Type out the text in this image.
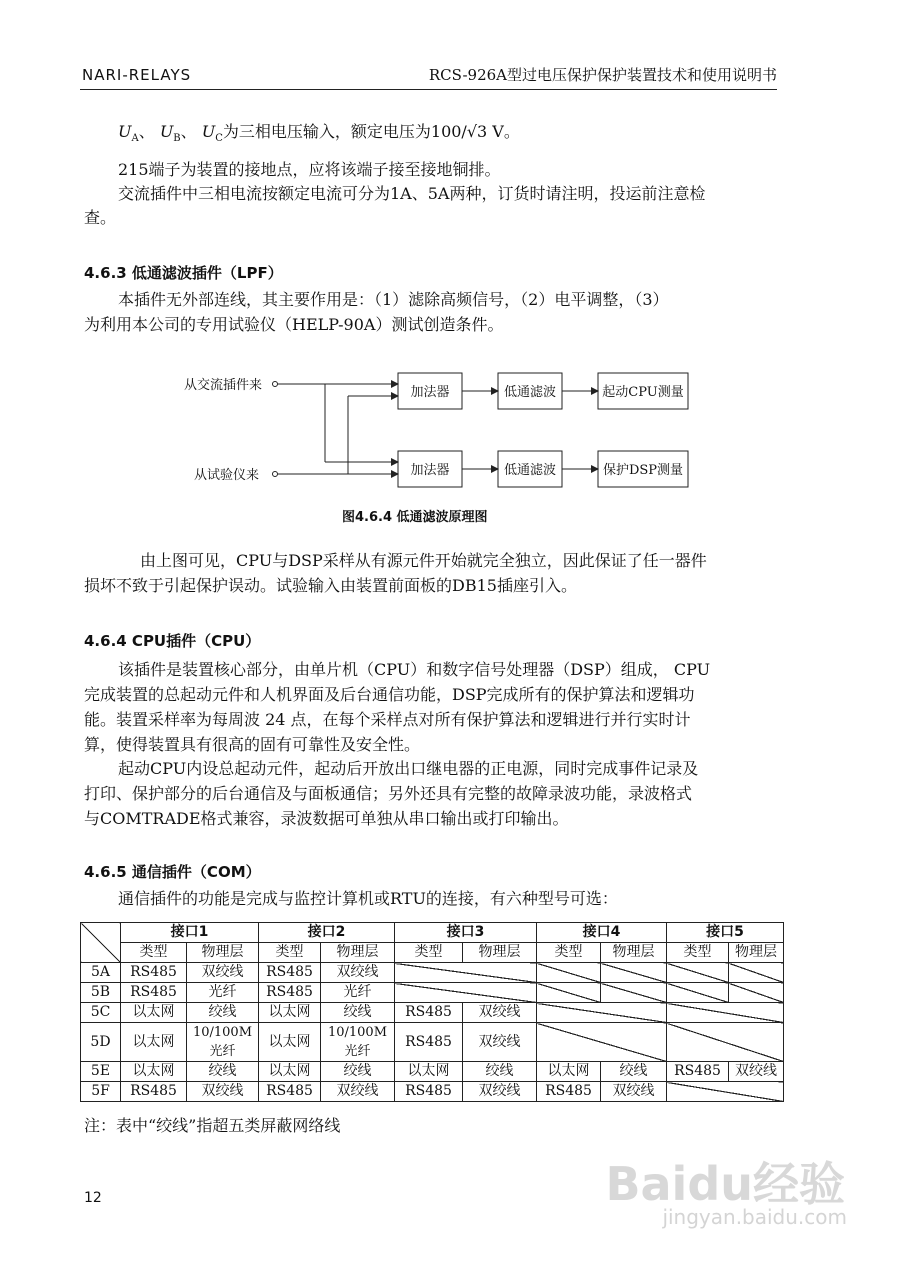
NARI-RELAYS	RCS-926A型过电压保护保护装置技术和使用说明书
$U_A$、 $U_B$、 $U_C$为三相电压输入，额定电压为100/√3 V。
215端子为装置的接地点，应将该端子接至接地铜排。
交流插件中三相电流按额定电流可分为1A、5A两种，订货时请注明，投运前注意检
查。
4.6.3 低通滤波插件（LPF）
本插件无外部连线，其主要作用是：（1）滤除高频信号，（2）电平调整，（3）
为利用本公司的专用试验仪（HELP-90A）测试创造条件。
从交流插件来
从试验仪来
加法器	低通滤波	起动CPU测量
加法器	低通滤波	保护DSP测量
图4.6.4 低通滤波原理图
由上图可见，CPU与DSP采样从有源元件开始就完全独立，因此保证了任一器件
损坏不致于引起保护误动。试验输入由装置前面板的DB15插座引入。
4.6.4 CPU插件（CPU）
该插件是装置核心部分，由单片机（CPU）和数字信号处理器（DSP）组成， CPU
完成装置的总起动元件和人机界面及后台通信功能，DSP完成所有的保护算法和逻辑功
能。装置采样率为每周波 24 点，在每个采样点对所有保护算法和逻辑进行并行实时计
算，使得装置具有很高的固有可靠性及安全性。
起动CPU内设总起动元件，起动后开放出口继电器的正电源，同时完成事件记录及
打印、保护部分的后台通信及与面板通信；另外还具有完整的故障录波功能，录波格式
与COMTRADE格式兼容，录波数据可单独从串口输出或打印输出。
4.6.5 通信插件（COM）
通信插件的功能是完成与监控计算机或RTU的连接，有六种型号可选：
	接口1		接口2		接口3		接口4		接口5	
	类型	物理层	类型	物理层	类型	物理层	类型	物理层	类型	物理层
5A	RS485	双绞线	RS485	双绞线						
5B	RS485	光纤	RS485	光纤						
5C	以太网	绞线	以太网	绞线	RS485	双绞线				
5D	以太网	10/100M
光纤	以太网	10/100M
光纤	RS485	双绞线				
5E	以太网	绞线	以太网	绞线	以太网	绞线	以太网	绞线	RS485	双绞线
5F	RS485	双绞线	RS485	双绞线	RS485	双绞线	RS485	双绞线		
注：表中“绞线”指超五类屏蔽网络线
12	Baidu经验
jingyan.baidu.com
